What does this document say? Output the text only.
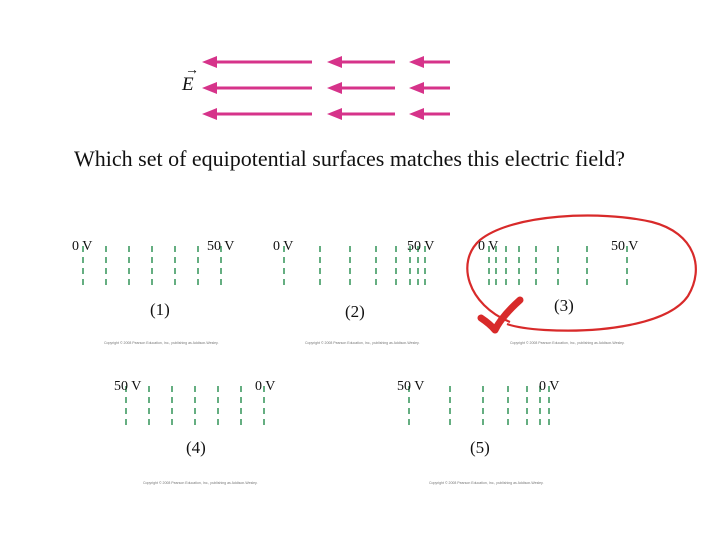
→
E

Which set of equipotential surfaces matches this electric field?

0 V	50 V
(1)
Copyright © 2008 Pearson Education, Inc., publishing as Addison-Wesley.
0 V	50 V
(2)
Copyright © 2008 Pearson Education, Inc., publishing as Addison-Wesley.
0 V	50 V
(3)
Copyright © 2008 Pearson Education, Inc., publishing as Addison-Wesley.
50 V	0 V
(4)
Copyright © 2008 Pearson Education, Inc., publishing as Addison-Wesley.
50 V	0 V
(5)
Copyright © 2008 Pearson Education, Inc., publishing as Addison-Wesley.
